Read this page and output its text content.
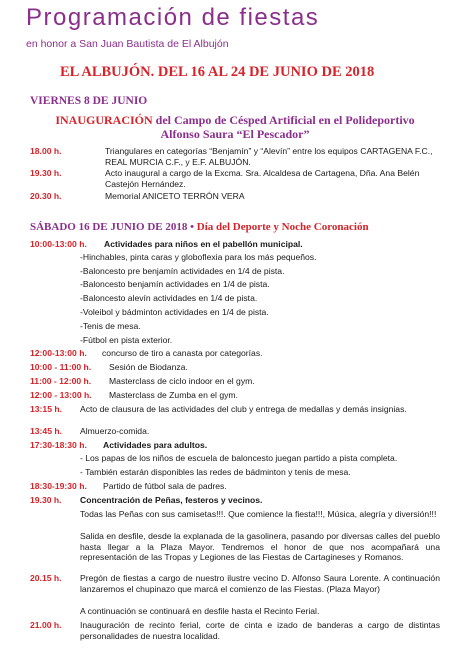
Programación de fiestas
en honor a San Juan Bautista de El Albujón
EL ALBUJÓN. DEL 16 AL 24 DE JUNIO DE 2018
VIERNES 8 DE JUNIO
INAUGURACIÓN del Campo de Césped Artificial en el Polideportivo
Alfonso Saura “El Pescador”
18.00 h.	Triangulares en categorías “Benjamín” y “Alevín” entre los equipos CARTAGENA F.C., REAL MURCIA C.F., y E.F. ALBUJÓN.
19.30 h.	Acto inaugural a cargo de la Excma. Sra. Alcaldesa de Cartagena, Dña. Ana Belén Castejón Hernández.
20.30 h.	Memorial ANICETO TERRÓN VERA
SÁBADO 16 DE JUNIO DE 2018 • Día del Deporte y Noche Coronación
10:00-13:00 h. Actividades para niños en el pabellón municipal.
-Hinchables, pinta caras y globoflexia para los más pequeños.
-Baloncesto pre benjamín actividades en 1/4 de pista.
-Baloncesto benjamín actividades en 1/4 de pista.
-Baloncesto alevín actividades en 1/4 de pista.
-Voleibol y bádminton actividades en 1/4 de pista.
-Tenis de mesa.
-Fútbol en pista exterior.
12:00-13:00 h. concurso de tiro a canasta por categorías.
10:00 - 11:00 h. Sesión de Biodanza.
11:00 - 12:00 h. Masterclass de ciclo indoor en el gym.
12:00 - 13:00 h. Masterclass de Zumba en el gym.
13:15 h. Acto de clausura de las actividades del club y entrega de medallas y demás insignias.
13:45 h. Almuerzo-comida.
17:30-18:30 h. Actividades para adultos.
- Los papas de los niños de escuela de baloncesto juegan partido a pista completa.
- También estarán disponibles las redes de bádminton y tenis de mesa.
18:30-19:30 h. Partido de fútbol sala de padres.
19.30 h. Concentración de Peñas, festeros y vecinos.
Todas las Peñas con sus camisetas!!!. Que comience la fiesta!!!, Música, alegría y diversión!!!
Salida en desfile, desde la explanada de la gasolinera, pasando por diversas calles del pueblo hasta llegar a la Plaza Mayor. Tendremos el honor de que nos acompañará una representación de las Tropas y Legiones de las Fiestas de Cartagineses y Romanos.
20.15 h. Pregón de fiestas a cargo de nuestro ilustre vecino D. Alfonso Saura Lorente. A continuación lanzaremos el chupinazo que marcá el comienzo de las Fiestas. (Plaza Mayor)
A continuación se continuará en desfile hasta el Recinto Ferial.
21.00 h. Inauguración de recinto ferial, corte de cinta e izado de banderas a cargo de distintas personalidades de nuestra localidad.
